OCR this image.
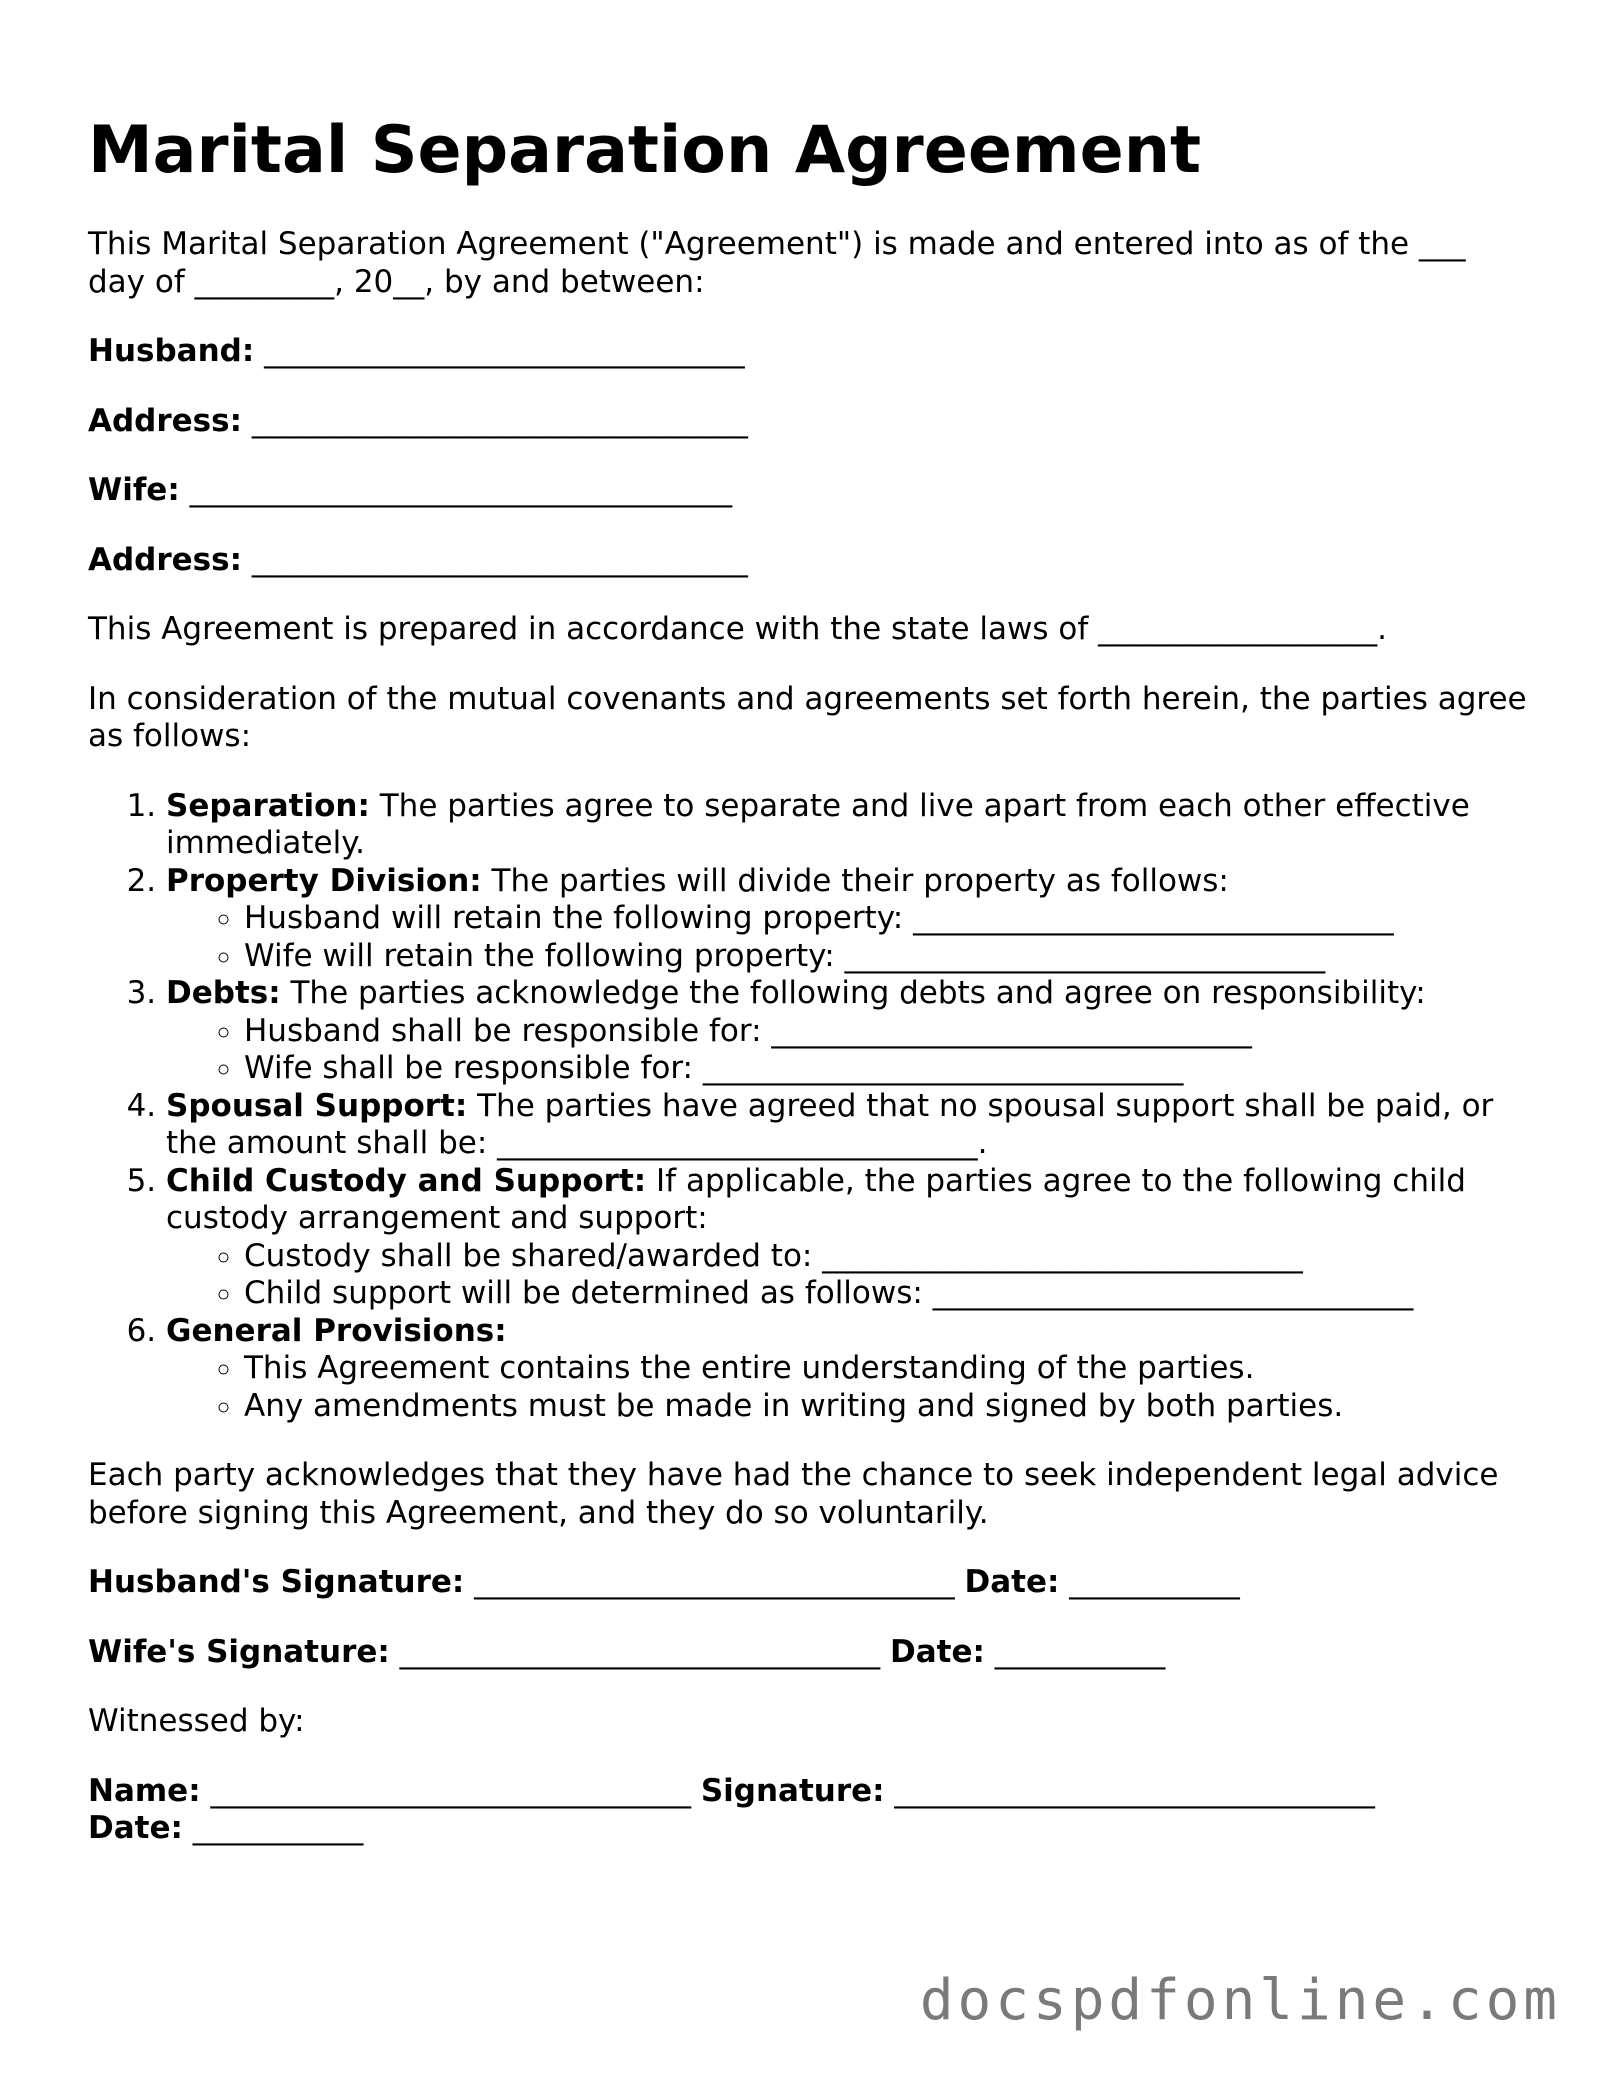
Marital Separation Agreement

This Marital Separation Agreement ("Agreement") is made and entered into as of the ___ day of _________, 20__, by and between:

Husband: _______________________________
Address: ________________________________
Wife: ___________________________________
Address: ________________________________

This Agreement is prepared in accordance with the state laws of __________________.

In consideration of the mutual covenants and agreements set forth herein, the parties agree as follows:

1. Separation: The parties agree to separate and live apart from each other effective immediately.
2. Property Division: The parties will divide their property as follows:
◦ Husband will retain the following property: _______________________________
◦ Wife will retain the following property: _______________________________
3. Debts: The parties acknowledge the following debts and agree on responsibility:
◦ Husband shall be responsible for: _______________________________
◦ Wife shall be responsible for: _______________________________
4. Spousal Support: The parties have agreed that no spousal support shall be paid, or the amount shall be: _______________________________.
5. Child Custody and Support: If applicable, the parties agree to the following child custody arrangement and support:
◦ Custody shall be shared/awarded to: _______________________________
◦ Child support will be determined as follows: _______________________________
6. General Provisions:
◦ This Agreement contains the entire understanding of the parties.
◦ Any amendments must be made in writing and signed by both parties.

Each party acknowledges that they have had the chance to seek independent legal advice before signing this Agreement, and they do so voluntarily.

Husband's Signature: _______________________________ Date: ___________
Wife's Signature: _______________________________ Date: ___________

Witnessed by:

Name: _______________________________ Signature: _______________________________
Date: ___________
docspdfonline.com
